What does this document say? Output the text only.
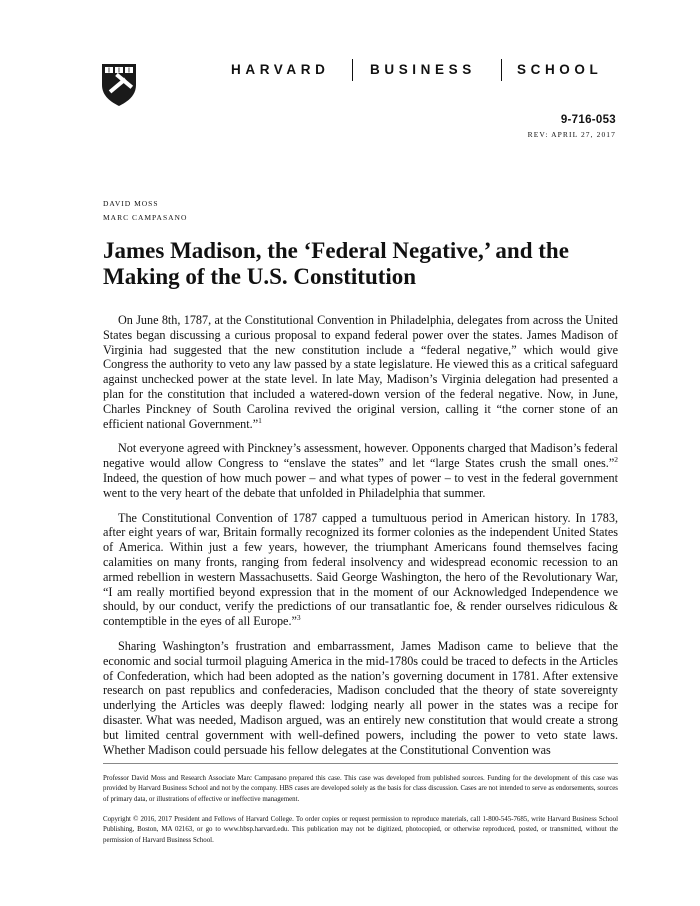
HARVARD	BUSINESS	SCHOOL
9-716-053
REV: APRIL 27, 2017
DAVID MOSS
MARC CAMPASANO
James Madison, the ‘Federal Negative,’ and the
Making of the U.S. Constitution

On June 8th, 1787, at the Constitutional Convention in Philadelphia, delegates from across the United States began discussing a curious proposal to expand federal power over the states. James Madison of Virginia had suggested that the new constitution include a “federal negative,” which would give Congress the authority to veto any law passed by a state legislature. He viewed this as a critical safeguard against unchecked power at the state level. In late May, Madison’s Virginia delegation had presented a plan for the constitution that included a watered-down version of the federal negative. Now, in June, Charles Pinckney of South Carolina revived the original version, calling it “the corner stone of an efficient national Government.”$^1$

Not everyone agreed with Pinckney’s assessment, however. Opponents charged that Madison’s federal negative would allow Congress to “enslave the states” and let “large States crush the small ones.”$^2$ Indeed, the question of how much power – and what types of power – to vest in the federal government went to the very heart of the debate that unfolded in Philadelphia that summer.

The Constitutional Convention of 1787 capped a tumultuous period in American history. In 1783, after eight years of war, Britain formally recognized its former colonies as the independent United States of America. Within just a few years, however, the triumphant Americans found themselves facing calamities on many fronts, ranging from federal insolvency and widespread economic recession to an armed rebellion in western Massachusetts. Said George Washington, the hero of the Revolutionary War, “I am really mortified beyond expression that in the moment of our Acknowledged Independence we should, by our conduct, verify the predictions of our transatlantic foe, & render ourselves ridiculous & contemptible in the eyes of all Europe.”$^3$

Sharing Washington’s frustration and embarrassment, James Madison came to believe that the economic and social turmoil plaguing America in the mid-1780s could be traced to defects in the Articles of Confederation, which had been adopted as the nation’s governing document in 1781. After extensive research on past republics and confederacies, Madison concluded that the theory of state sovereignty underlying the Articles was deeply flawed: lodging nearly all power in the states was a recipe for disaster. What was needed, Madison argued, was an entirely new constitution that would create a strong but limited central government with well-defined powers, including the power to veto state laws. Whether Madison could persuade his fellow delegates at the Constitutional Convention was

Professor David Moss and Research Associate Marc Campasano prepared this case. This case was developed from published sources. Funding for the development of this case was provided by Harvard Business School and not by the company. HBS cases are developed solely as the basis for class discussion. Cases are not intended to serve as endorsements, sources of primary data, or illustrations of effective or ineffective management.

Copyright © 2016, 2017 President and Fellows of Harvard College. To order copies or request permission to reproduce materials, call 1-800-545-7685, write Harvard Business School Publishing, Boston, MA 02163, or go to www.hbsp.harvard.edu. This publication may not be digitized, photocopied, or otherwise reproduced, posted, or transmitted, without the permission of Harvard Business School.
